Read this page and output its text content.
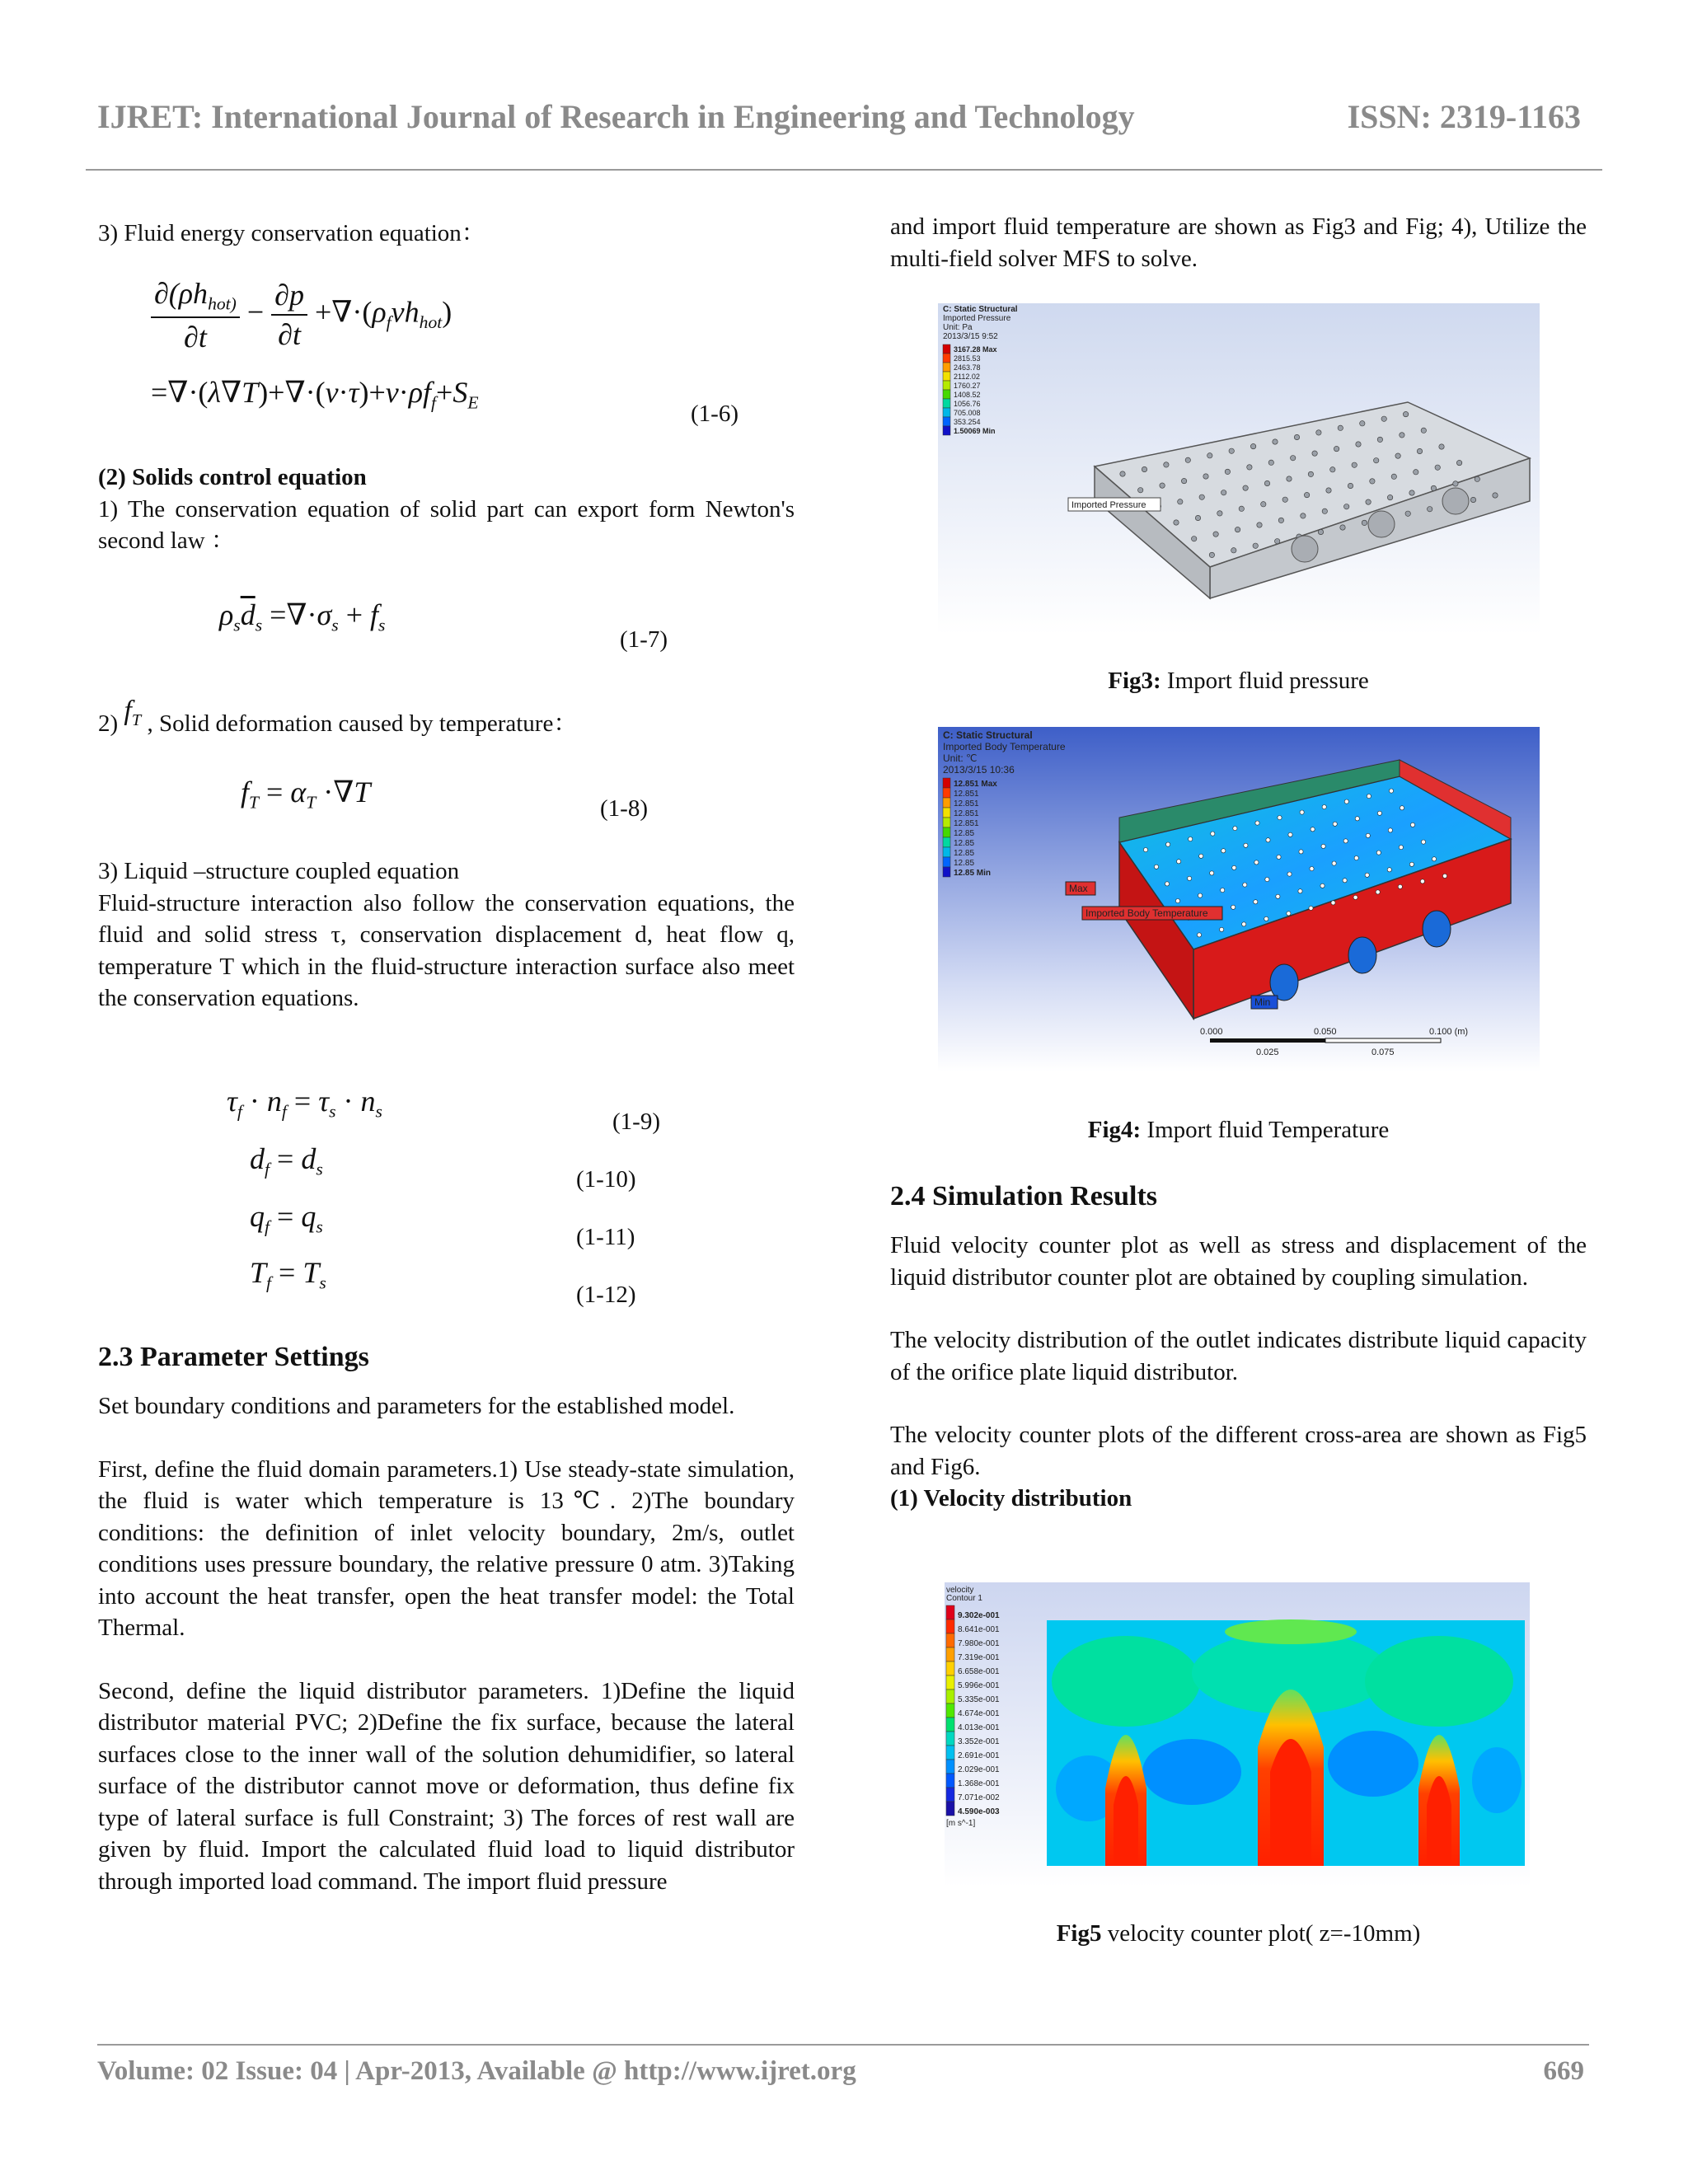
IJRET: International Journal of Research in Engineering and Technology	ISSN: 2319-1163
3) Fluid energy conservation equation：
$\frac{\partial(\rho h_{hot)}}{\partial t} - \frac{\partial p}{\partial t} +\nabla\cdot(\rho_f\nu h_{hot})$
$=\nabla\cdot(\lambda\nabla T)+\nabla\cdot(\nu\cdot\tau)+\nu\cdot\rho f_f+S_E$	(1-6)

(2) Solids control equation

1) The conservation equation of solid part can export form Newton's second law ：

$\rho_s\overline{d}_s =\nabla\cdot\sigma_s + f_s$
(1-7)
2) $f_T$ , Solid deformation caused by temperature：
$f_T = \alpha_T \cdot\nabla T$	(1-8)

3) Liquid –structure coupled equation

Fluid-structure interaction also follow the conservation equations, the fluid and solid stress τ, conservation displacement d, heat flow q, temperature T which in the fluid-structure interaction surface also meet the conservation equations.

$\tau_f \cdot n_f = \tau_s \cdot n_s$	(1-9)
$d_f = d_s$	(1-10)
$q_f = q_s$	(1-11)
$T_f = T_s$	(1-12)

2.3 Parameter Settings

Set boundary conditions and parameters for the established model.

First, define the fluid domain parameters.1) Use steady-state simulation, the fluid is water which temperature is 13℃. 2)The boundary conditions: the definition of inlet velocity boundary, 2m/s, outlet conditions uses pressure boundary, the relative pressure 0 atm. 3)Taking into account the heat transfer, open the heat transfer model: the Total Thermal.

Second, define the liquid distributor parameters. 1)Define the liquid distributor material PVC; 2)Define the fix surface, because the lateral surfaces close to the inner wall of the solution dehumidifier, so lateral surface of the distributor cannot move or deformation, thus define fix type of lateral surface is full Constraint; 3) The forces of rest wall are given by fluid. Import the calculated fluid load to liquid distributor through imported load command. The import fluid pressure

and import fluid temperature are shown as Fig3 and Fig; 4), Utilize the multi-field solver MFS to solve.

C: Static Structural
Imported Pressure
Unit: Pa
2013/3/15 9:52
3167.28 Max
2815.53
2463.78
2112.02
1760.27
1408.52
1056.76
705.008
353.254
1.50069 Min
Imported Pressure
Fig3: Import fluid pressure
C: Static Structural
Imported Body Temperature
Unit: ℃
2013/3/15 10:36
12.851 Max
12.851
12.851
12.851
12.851
12.85
12.85
12.85
12.85
12.85 Min
Max
Imported Body Temperature
Min
0.000	0.050	0.100 (m)
0.025	0.075
Fig4: Import fluid Temperature

2.4 Simulation Results

Fluid velocity counter plot as well as stress and displacement of the liquid distributor counter plot are obtained by coupling simulation.

The velocity distribution of the outlet indicates distribute liquid capacity of the orifice plate liquid distributor.

The velocity counter plots of the different cross-area are shown as Fig5 and Fig6.

(1) Velocity distribution

velocity
Contour 1
9.302e-001
8.641e-001
7.980e-001
7.319e-001
6.658e-001
5.996e-001
5.335e-001
4.674e-001
4.013e-001
3.352e-001
2.691e-001
2.029e-001
1.368e-001
7.071e-002
4.590e-003
[m s^-1]
Fig5 velocity counter plot( z=-10mm)
Volume: 02 Issue: 04 | Apr-2013, Available @ http://www.ijret.org	669
